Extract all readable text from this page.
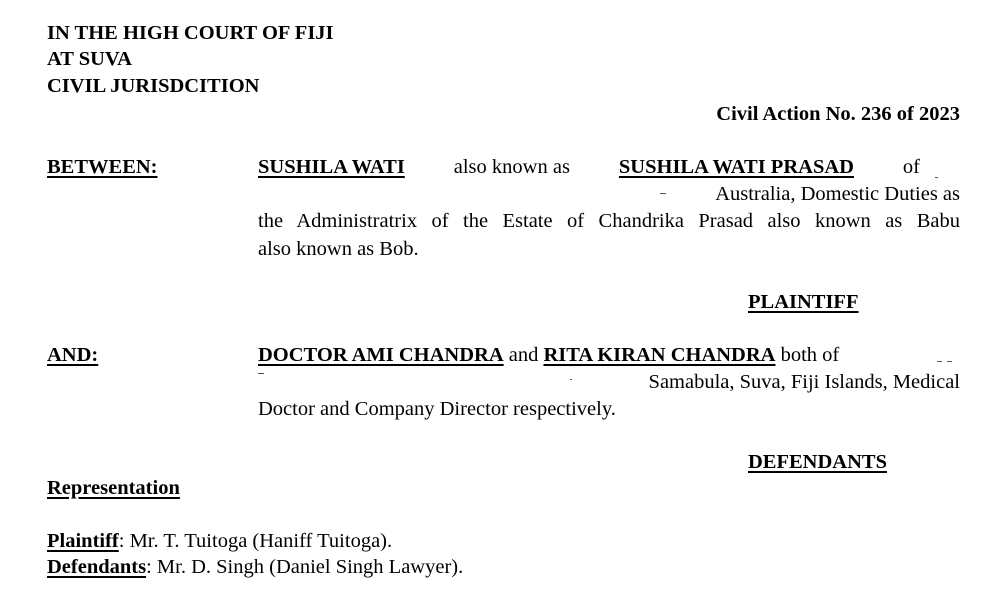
IN THE HIGH COURT OF FIJI
AT SUVA
CIVIL JURISDCITION
Civil Action No. 236 of 2023
BETWEEN:	SUSHILA WATI also known as SUSHILA WATI PRASAD of
Australia, Domestic Duties as
the Administratrix of the Estate of Chandrika Prasad also known as Babu
also known as Bob.
PLAINTIFF
AND:	DOCTOR AMI CHANDRA and RITA KIRAN CHANDRA both of
Samabula, Suva, Fiji Islands, Medical
Doctor and Company Director respectively.
DEFENDANTS
Representation
Plaintiff: Mr. T. Tuitoga (Haniff Tuitoga).
Defendants: Mr. D. Singh (Daniel Singh Lawyer).
